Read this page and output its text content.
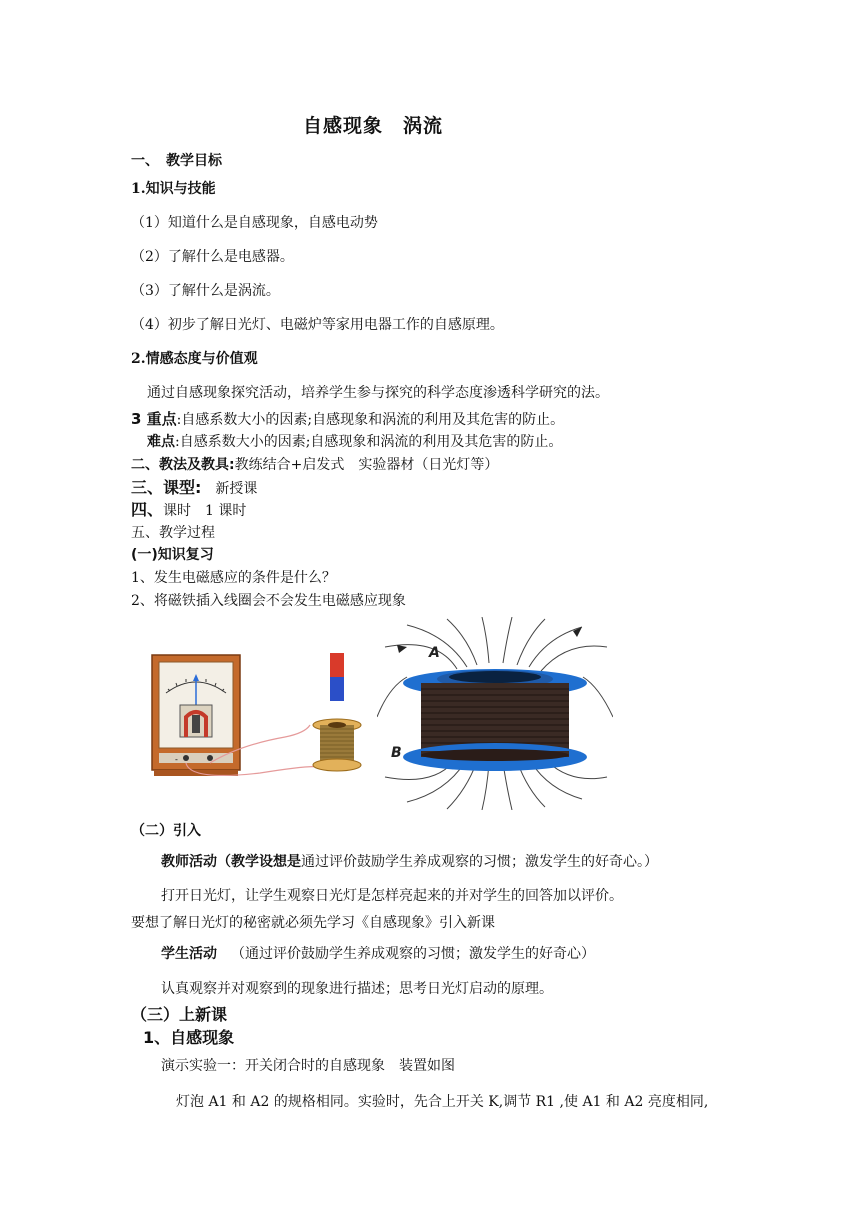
自感现象　涡流
一、　教学目标
1.知识与技能
（1）知道什么是自感现象，自感电动势
（2）了解什么是电感器。
（3）了解什么是涡流。
（4）初步了解日光灯、电磁炉等家用电器工作的自感原理。
2.情感态度与价值观
通过自感现象探究活动，培养学生参与探究的科学态度渗透科学研究的法。
3 重点:自感系数大小的因素;自感现象和涡流的利用及其危害的防止。
难点:自感系数大小的因素;自感现象和涡流的利用及其危害的防止。
二、教法及教具:教练结合+启发式　实验器材（日光灯等）
三、课型: 新授课
四、课时　1 课时
五、教学过程
(一)知识复习
1、发生电磁感应的条件是什么？
2、将磁铁插入线圈会不会发生电磁感应现象
-
A
B
（二）引入
教师活动（教学设想是通过评价鼓励学生养成观察的习惯；激发学生的好奇心。）
打开日光灯，让学生观察日光灯是怎样亮起来的并对学生的回答加以评价。
要想了解日光灯的秘密就必须先学习《自感现象》引入新课
学生活动 （通过评价鼓励学生养成观察的习惯；激发学生的好奇心）
认真观察并对观察到的现象进行描述；思考日光灯启动的原理。
（三）上新课
1、自感现象
演示实验一：开关闭合时的自感现象　装置如图
灯泡 A1 和 A2 的规格相同。实验时，先合上开关 K,调节 R1 ,使 A1 和 A2 亮度相同,
